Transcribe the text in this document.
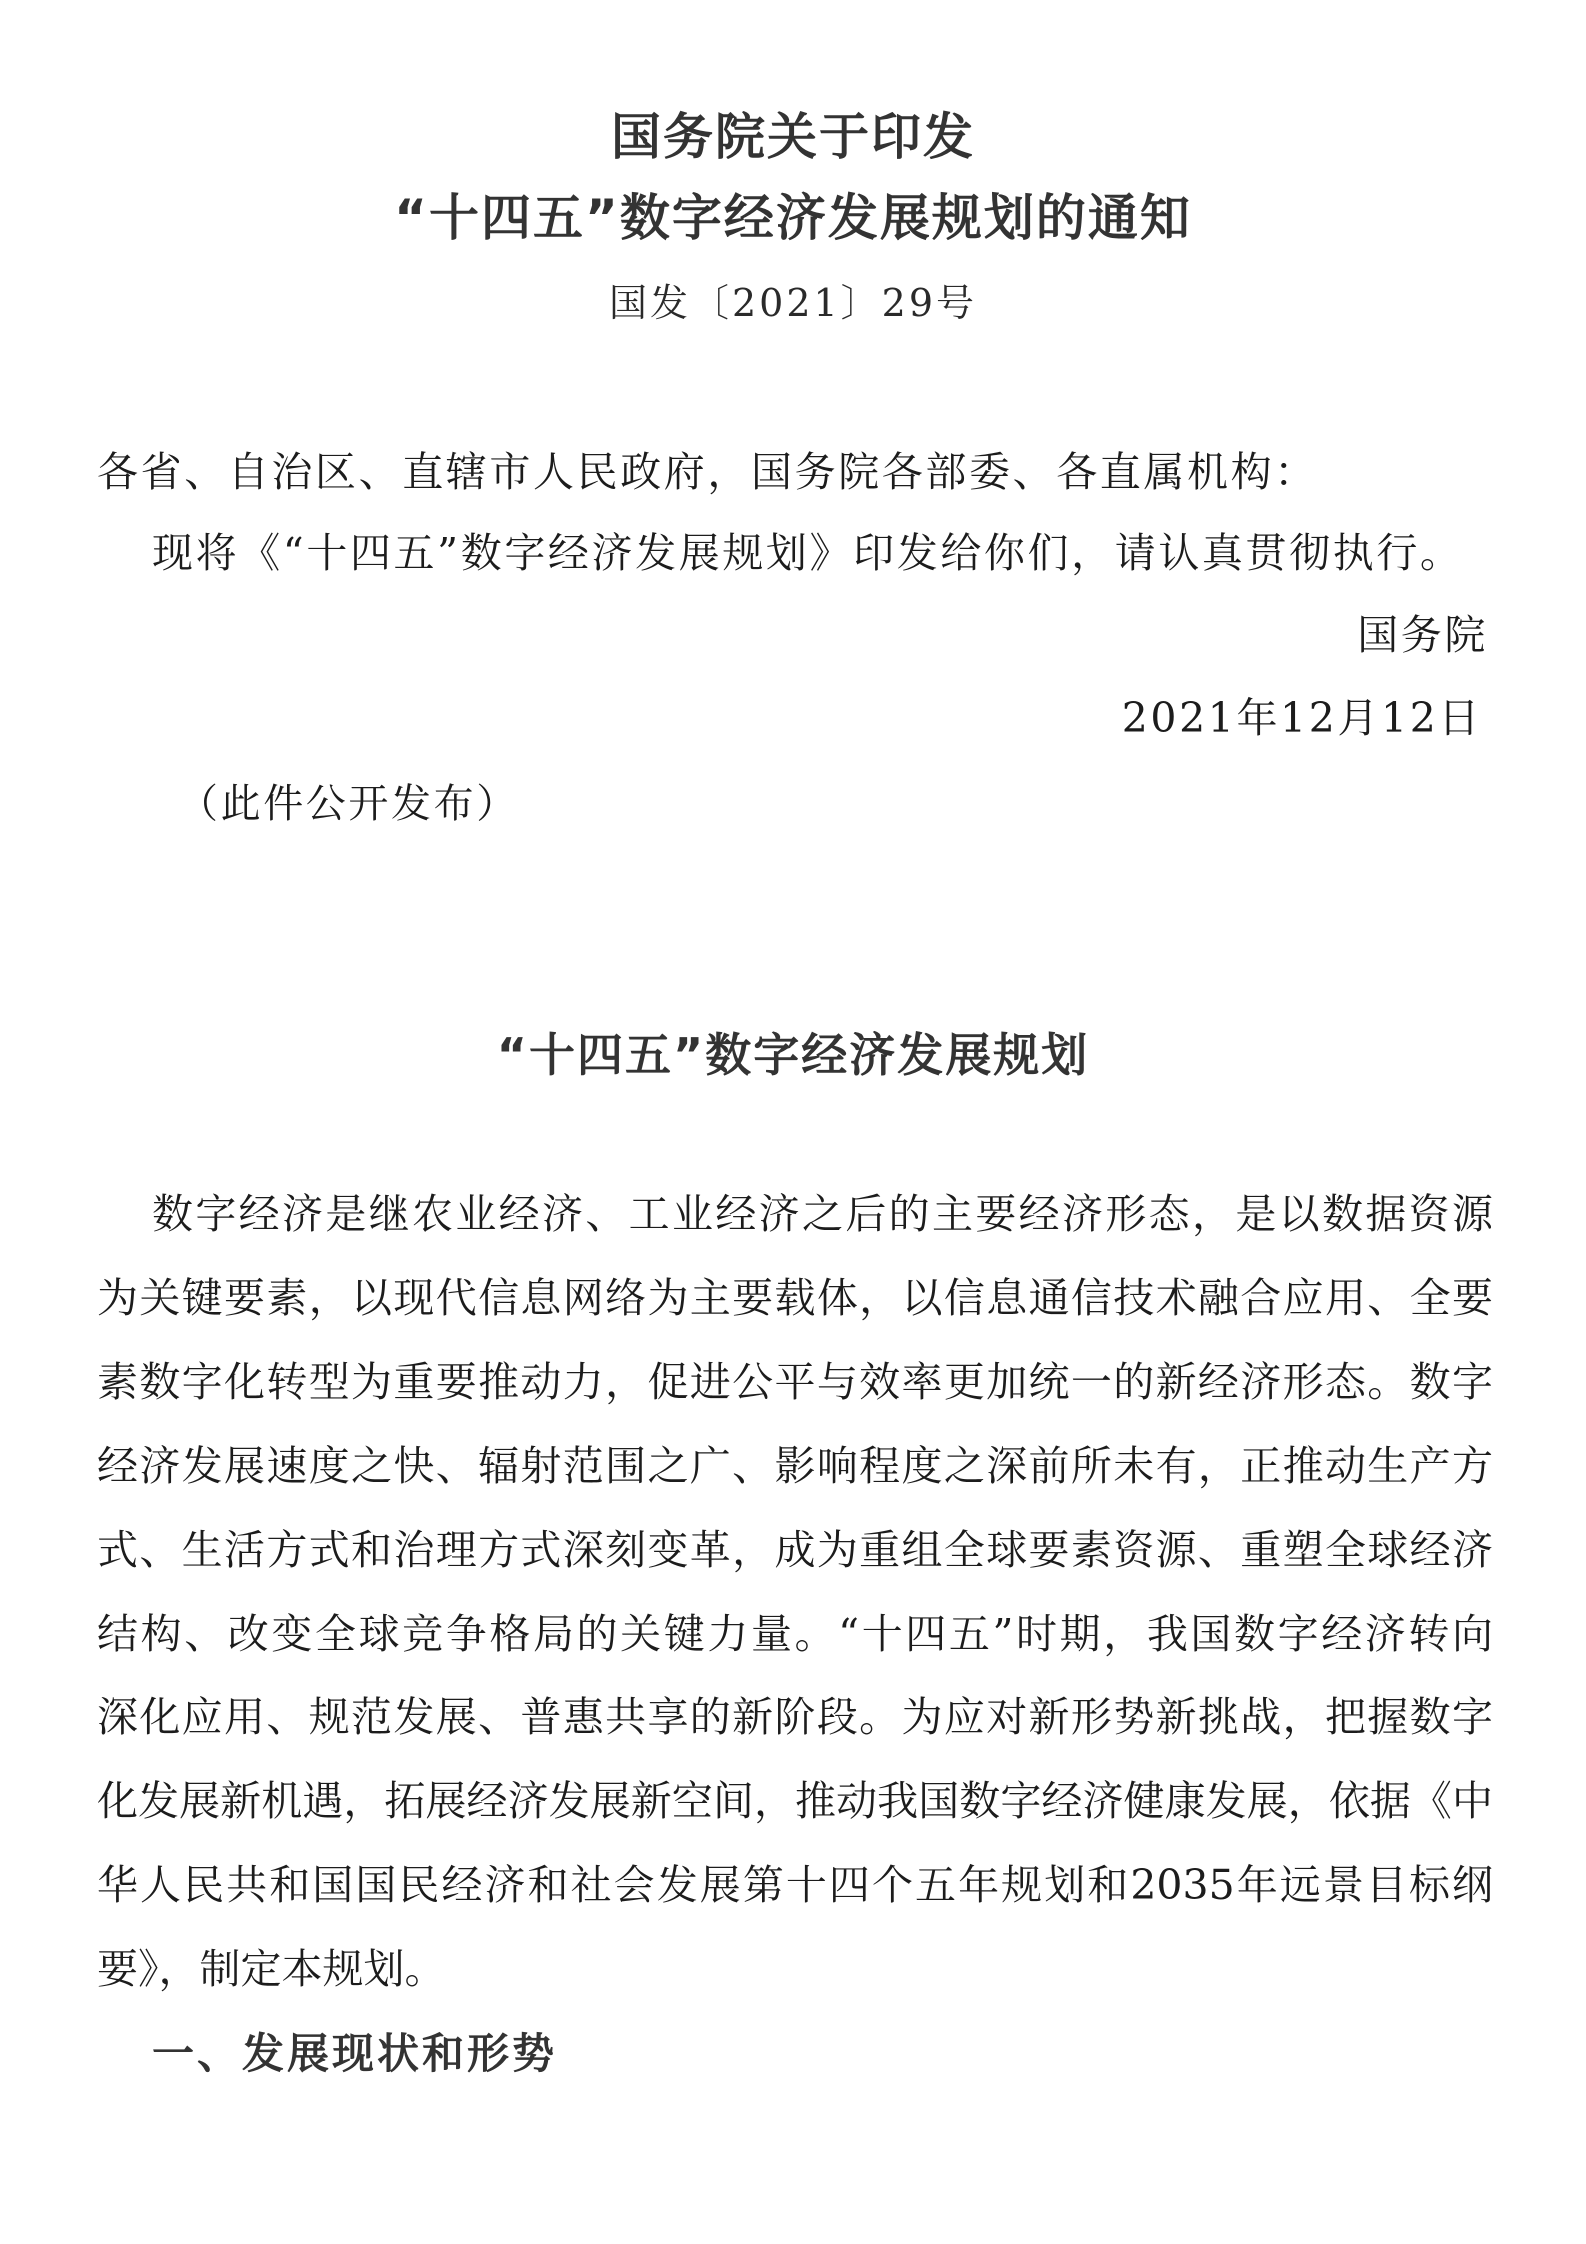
国务院关于印发
“十四五”数字经济发展规划的通知
国发〔2021〕29号
各省、自治区、直辖市人民政府，国务院各部委、各直属机构：
现将《“十四五”数字经济发展规划》印发给你们，请认真贯彻执行。
国务院
2021年12月12日
（此件公开发布）
“十四五”数字经济发展规划
数字经济是继农业经济、工业经济之后的主要经济形态，是以数据资源
为关键要素，以现代信息网络为主要载体，以信息通信技术融合应用、全要
素数字化转型为重要推动力，促进公平与效率更加统一的新经济形态。数字
经济发展速度之快、辐射范围之广、影响程度之深前所未有，正推动生产方
式、生活方式和治理方式深刻变革，成为重组全球要素资源、重塑全球经济
结构、改变全球竞争格局的关键力量。“十四五”时期，我国数字经济转向
深化应用、规范发展、普惠共享的新阶段。为应对新形势新挑战，把握数字
化发展新机遇，拓展经济发展新空间，推动我国数字经济健康发展，依据《中
华人民共和国国民经济和社会发展第十四个五年规划和2035年远景目标纲
要》，制定本规划。
一、发展现状和形势
